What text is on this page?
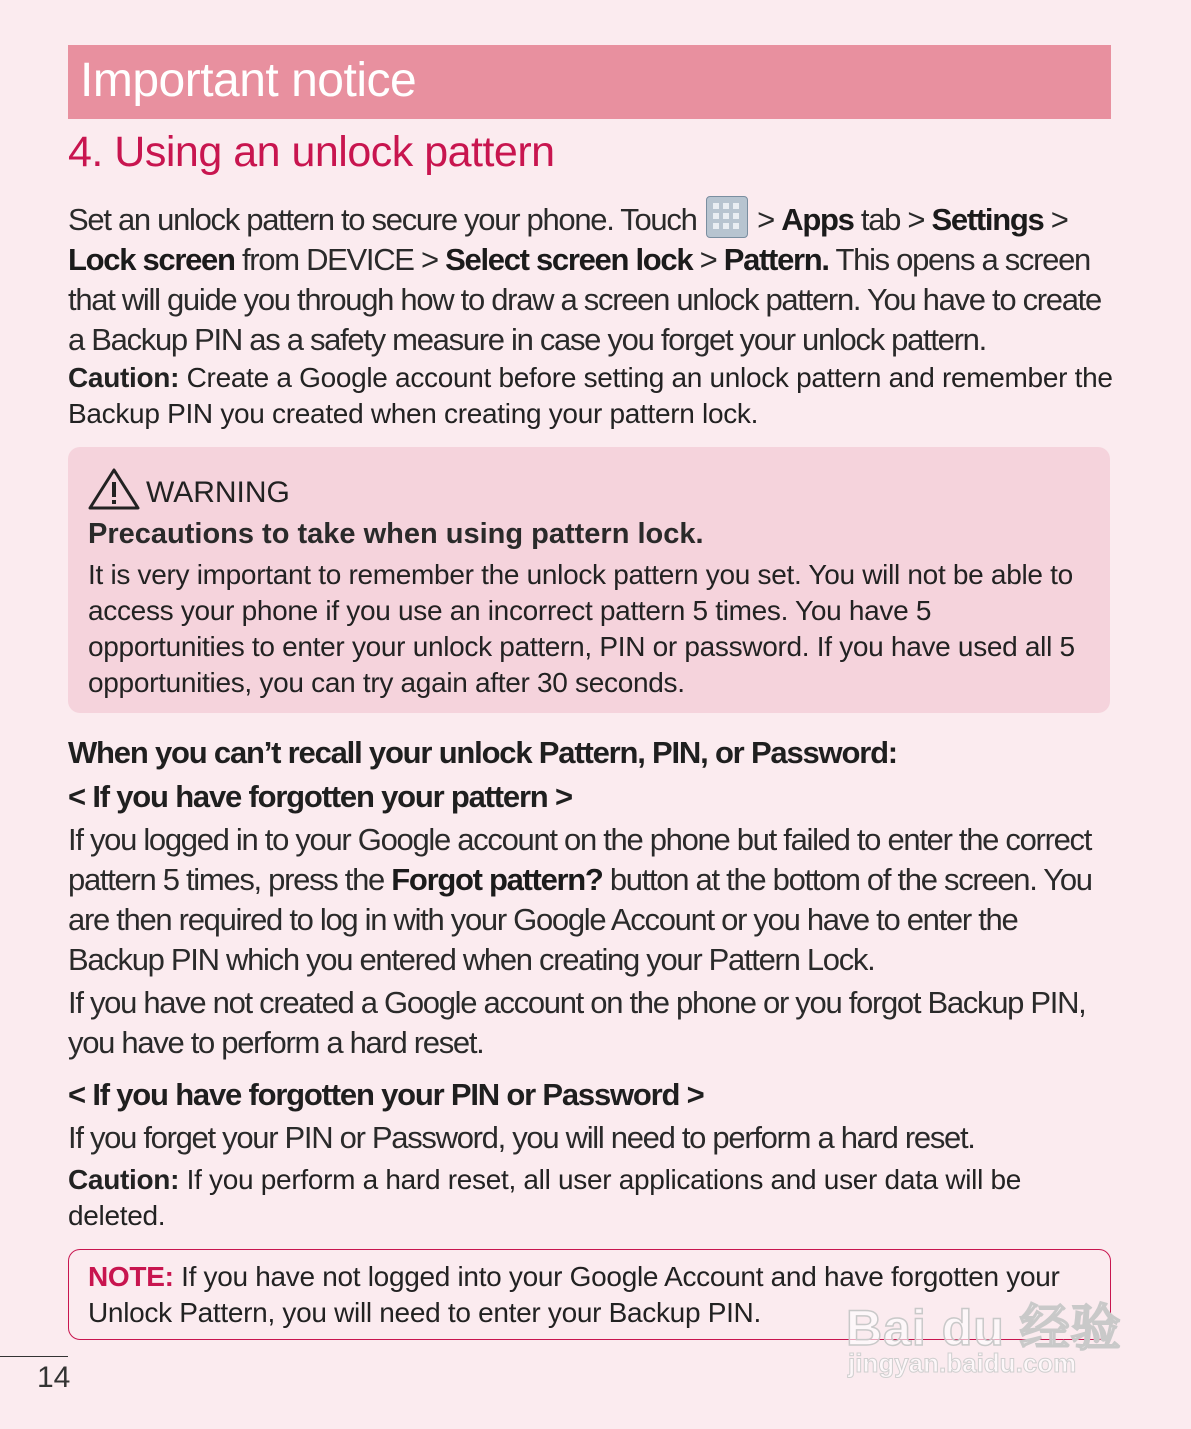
Important notice
4. Using an unlock pattern

Set an unlock pattern to secure your phone. Touch
> Apps tab > Settings > Lock screen from DEVICE > Select screen lock > Pattern. This opens a screen that will guide you through how to draw a screen unlock pattern. You have to create a Backup PIN as a safety measure in case you forget your unlock pattern.

Caution: Create a Google account before setting an unlock pattern and remember the Backup PIN you created when creating your pattern lock.

WARNING

Precautions to take when using pattern lock.

It is very important to remember the unlock pattern you set. You will not be able to access your phone if you use an incorrect pattern 5 times. You have 5 opportunities to enter your unlock pattern, PIN or password. If you have used all 5 opportunities, you can try again after 30 seconds.

When you can’t recall your unlock Pattern, PIN, or Password:
< If you have forgotten your pattern >

If you logged in to your Google account on the phone but failed to enter the correct pattern 5 times, press the Forgot pattern? button at the bottom of the screen. You are then required to log in with your Google Account or you have to enter the Backup PIN which you entered when creating your Pattern Lock.

If you have not created a Google account on the phone or you forgot Backup PIN, you have to perform a hard reset.

< If you have forgotten your PIN or Password >

If you forget your PIN or Password, you will need to perform a hard reset.

Caution: If you perform a hard reset, all user applications and user data will be deleted.

NOTE: If you have not logged into your Google Account and have forgotten your Unlock Pattern, you will need to enter your Backup PIN.

14
Bai du 经验
jingyan.baidu.com
